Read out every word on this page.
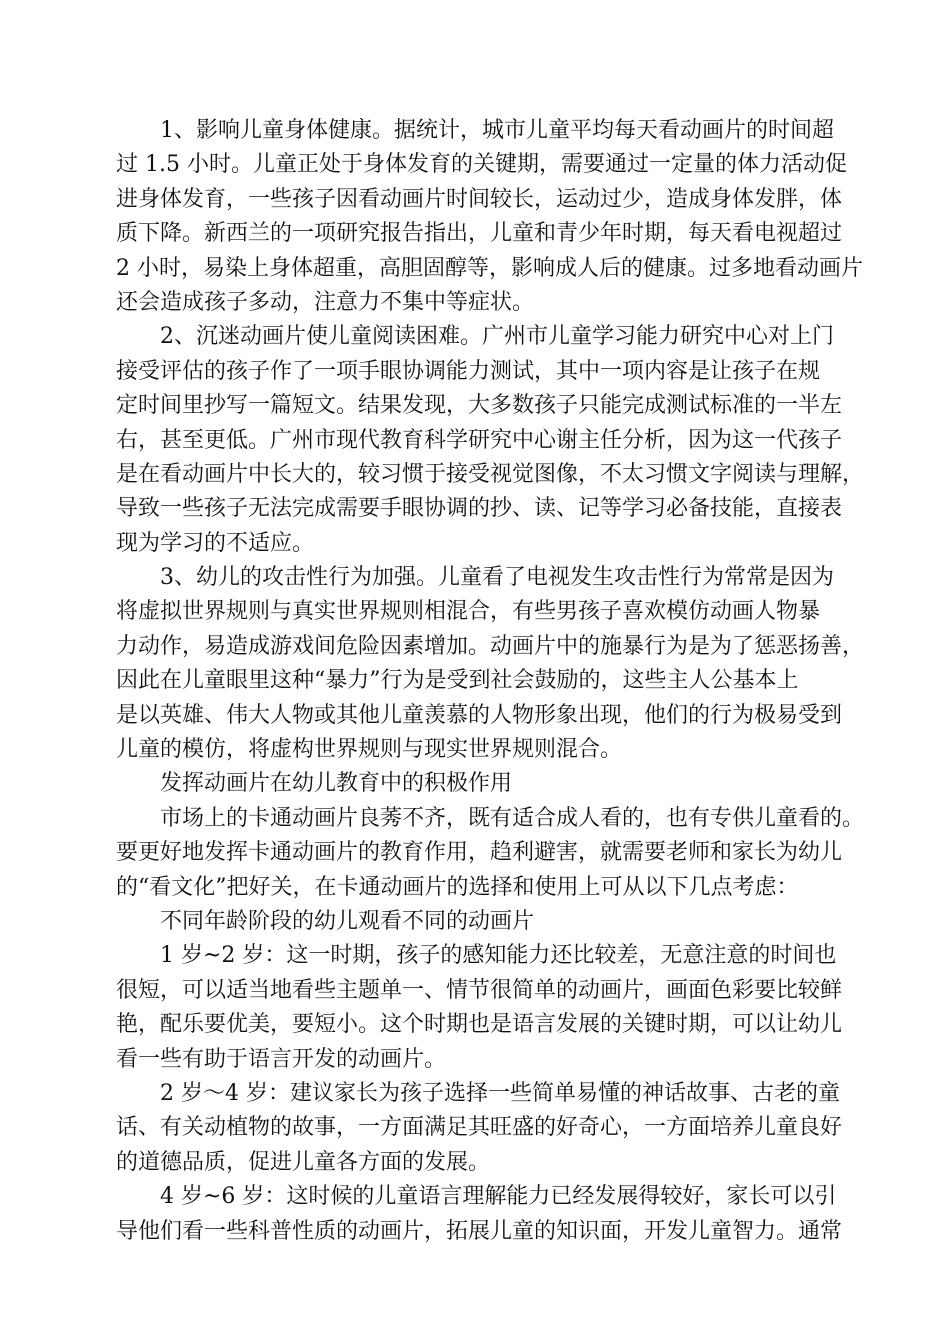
1、影响儿童身体健康。据统计，城市儿童平均每天看动画片的时间超
过 1.5 小时。儿童正处于身体发育的关键期，需要通过一定量的体力活动促
进身体发育，一些孩子因看动画片时间较长，运动过少，造成身体发胖，体
质下降。新西兰的一项研究报告指出，儿童和青少年时期，每天看电视超过
2 小时，易染上身体超重，高胆固醇等，影响成人后的健康。过多地看动画片
还会造成孩子多动，注意力不集中等症状。
2、沉迷动画片使儿童阅读困难。广州市儿童学习能力研究中心对上门
接受评估的孩子作了一项手眼协调能力测试，其中一项内容是让孩子在规
定时间里抄写一篇短文。结果发现，大多数孩子只能完成测试标准的一半左
右，甚至更低。广州市现代教育科学研究中心谢主任分析，因为这一代孩子
是在看动画片中长大的，较习惯于接受视觉图像，不太习惯文字阅读与理解，
导致一些孩子无法完成需要手眼协调的抄、读、记等学习必备技能，直接表
现为学习的不适应。
3、幼儿的攻击性行为加强。儿童看了电视发生攻击性行为常常是因为
将虚拟世界规则与真实世界规则相混合，有些男孩子喜欢模仿动画人物暴
力动作，易造成游戏间危险因素增加。动画片中的施暴行为是为了惩恶扬善，
因此在儿童眼里这种“暴力”行为是受到社会鼓励的，这些主人公基本上
是以英雄、伟大人物或其他儿童羡慕的人物形象出现，他们的行为极易受到
儿童的模仿，将虚构世界规则与现实世界规则混合。
发挥动画片在幼儿教育中的积极作用
市场上的卡通动画片良莠不齐，既有适合成人看的，也有专供儿童看的。
要更好地发挥卡通动画片的教育作用，趋利避害，就需要老师和家长为幼儿
的“看文化”把好关，在卡通动画片的选择和使用上可从以下几点考虑：
不同年龄阶段的幼儿观看不同的动画片
1 岁~2 岁：这一时期，孩子的感知能力还比较差，无意注意的时间也
很短，可以适当地看些主题单一、情节很简单的动画片，画面色彩要比较鲜
艳，配乐要优美，要短小。这个时期也是语言发展的关键时期，可以让幼儿
看一些有助于语言开发的动画片。
2 岁～4 岁：建议家长为孩子选择一些简单易懂的神话故事、古老的童
话、有关动植物的故事，一方面满足其旺盛的好奇心，一方面培养儿童良好
的道德品质，促进儿童各方面的发展。
4 岁~6 岁：这时候的儿童语言理解能力已经发展得较好，家长可以引
导他们看一些科普性质的动画片，拓展儿童的知识面，开发儿童智力。通常
